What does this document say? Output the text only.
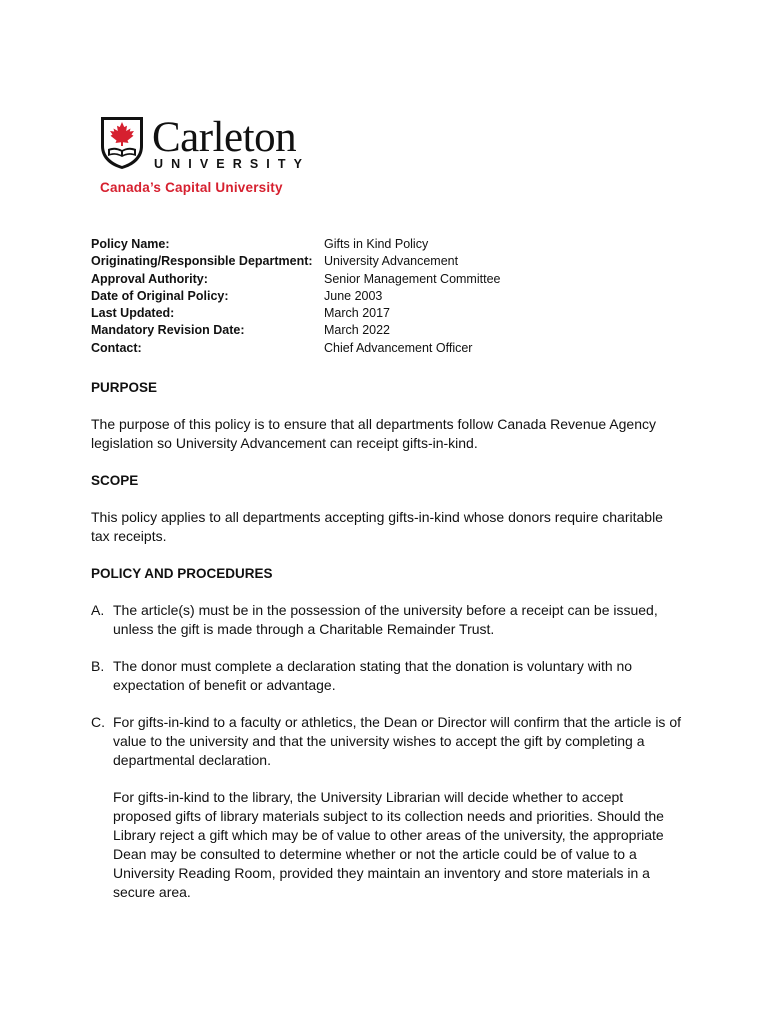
Carleton
UNIVERSITY
Canada’s Capital University
Policy Name:	Gifts in Kind Policy
Originating/Responsible Department: University Advancement
Approval Authority:	Senior Management Committee
Date of Original Policy:	June 2003
Last Updated:	March 2017
Mandatory Revision Date:	March 2022
Contact:	Chief Advancement Officer
PURPOSE
The purpose of this policy is to ensure that all departments follow Canada Revenue Agency legislation so University Advancement can receipt gifts-in-kind.
SCOPE
This policy applies to all departments accepting gifts-in-kind whose donors require charitable tax receipts.
POLICY AND PROCEDURES
A. The article(s) must be in the possession of the university before a receipt can be issued, unless the gift is made through a Charitable Remainder Trust.
B. The donor must complete a declaration stating that the donation is voluntary with no expectation of benefit or advantage.
C. For gifts-in-kind to a faculty or athletics, the Dean or Director will confirm that the article is of value to the university and that the university wishes to accept the gift by completing a departmental declaration.
For gifts-in-kind to the library, the University Librarian will decide whether to accept proposed gifts of library materials subject to its collection needs and priorities. Should the Library reject a gift which may be of value to other areas of the university, the appropriate Dean may be consulted to determine whether or not the article could be of value to a University Reading Room, provided they maintain an inventory and store materials in a secure area.
